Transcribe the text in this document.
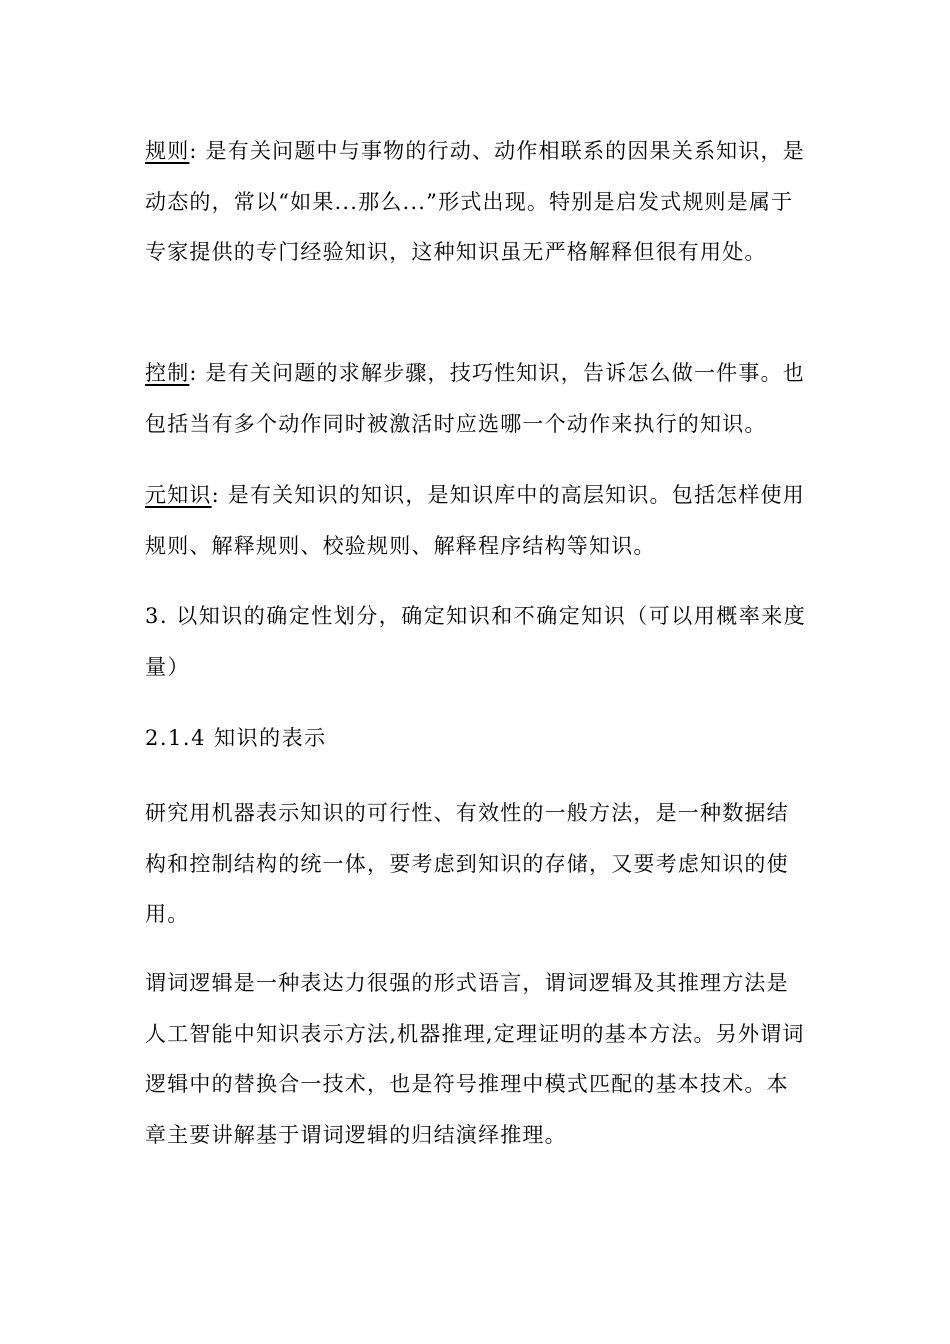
规则: 是有关问题中与事物的行动、动作相联系的因果关系知识，是动态的，常以“如果...那么...”形式出现。特别是启发式规则是属于专家提供的专门经验知识，这种知识虽无严格解释但很有用处。

控制: 是有关问题的求解步骤，技巧性知识，告诉怎么做一件事。也包括当有多个动作同时被激活时应选哪一个动作来执行的知识。

元知识: 是有关知识的知识，是知识库中的高层知识。包括怎样使用规则、解释规则、校验规则、解释程序结构等知识。

3. 以知识的确定性划分，确定知识和不确定知识（可以用概率来度量）

2.1.4 知识的表示

研究用机器表示知识的可行性、有效性的一般方法，是一种数据结构和控制结构的统一体，要考虑到知识的存储，又要考虑知识的使用。

谓词逻辑是一种表达力很强的形式语言，谓词逻辑及其推理方法是人工智能中知识表示方法,机器推理,定理证明的基本方法。另外谓词逻辑中的替换合一技术，也是符号推理中模式匹配的基本技术。本章主要讲解基于谓词逻辑的归结演绎推理。
